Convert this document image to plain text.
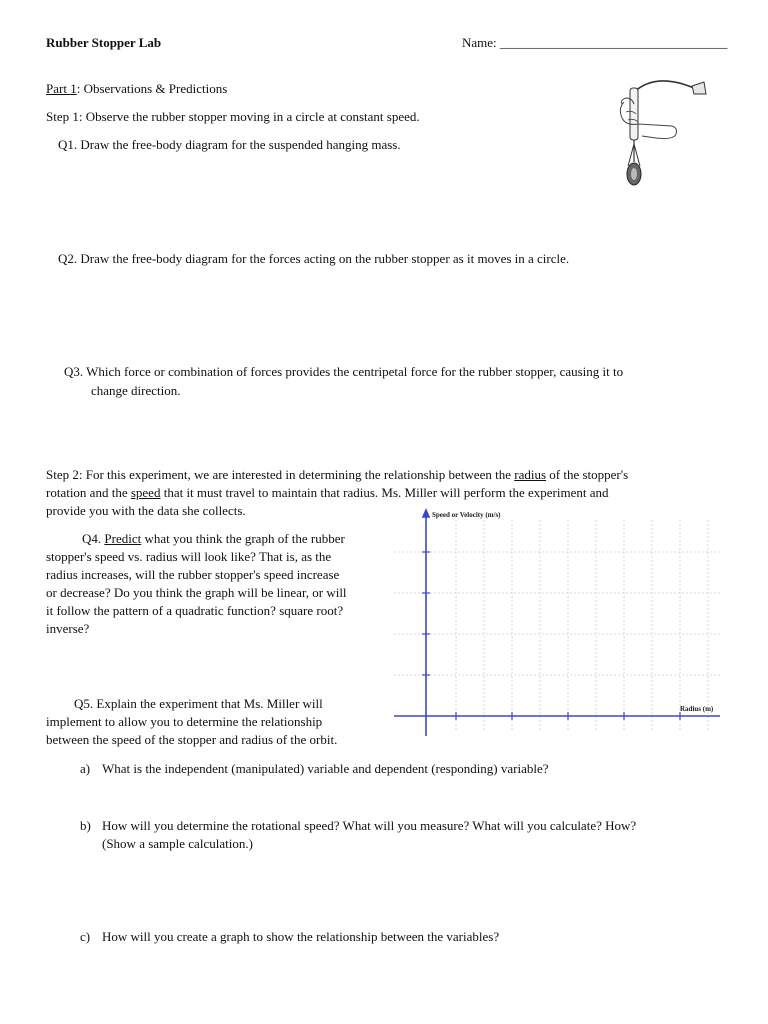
Rubber Stopper Lab	Name: ___________________________________
Part 1: Observations & Predictions
Step 1: Observe the rubber stopper moving in a circle at constant speed.
Q1. Draw the free-body diagram for the suspended hanging mass.
Q2. Draw the free-body diagram for the forces acting on the rubber stopper as it moves in a circle.
Q3. Which force or combination of forces provides the centripetal force for the rubber stopper, causing it to
change direction.
Step 2: For this experiment, we are interested in determining the relationship between the radius of the stopper's
rotation and the speed that it must travel to maintain that radius. Ms. Miller will perform the experiment and
provide you with the data she collects.
Q4. Predict what you think the graph of the rubber
stopper's speed vs. radius will look like? That is, as the
radius increases, will the rubber stopper's speed increase
or decrease? Do you think the graph will be linear, or will
it follow the pattern of a quadratic function? square root?
inverse?
Speed or Velocity (m/s)
Radius (m)
Q5. Explain the experiment that Ms. Miller will
implement to allow you to determine the relationship
between the speed of the stopper and radius of the orbit.
a) What is the independent (manipulated) variable and dependent (responding) variable?
b) How will you determine the rotational speed? What will you measure? What will you calculate? How?
(Show a sample calculation.)
c) How will you create a graph to show the relationship between the variables?
